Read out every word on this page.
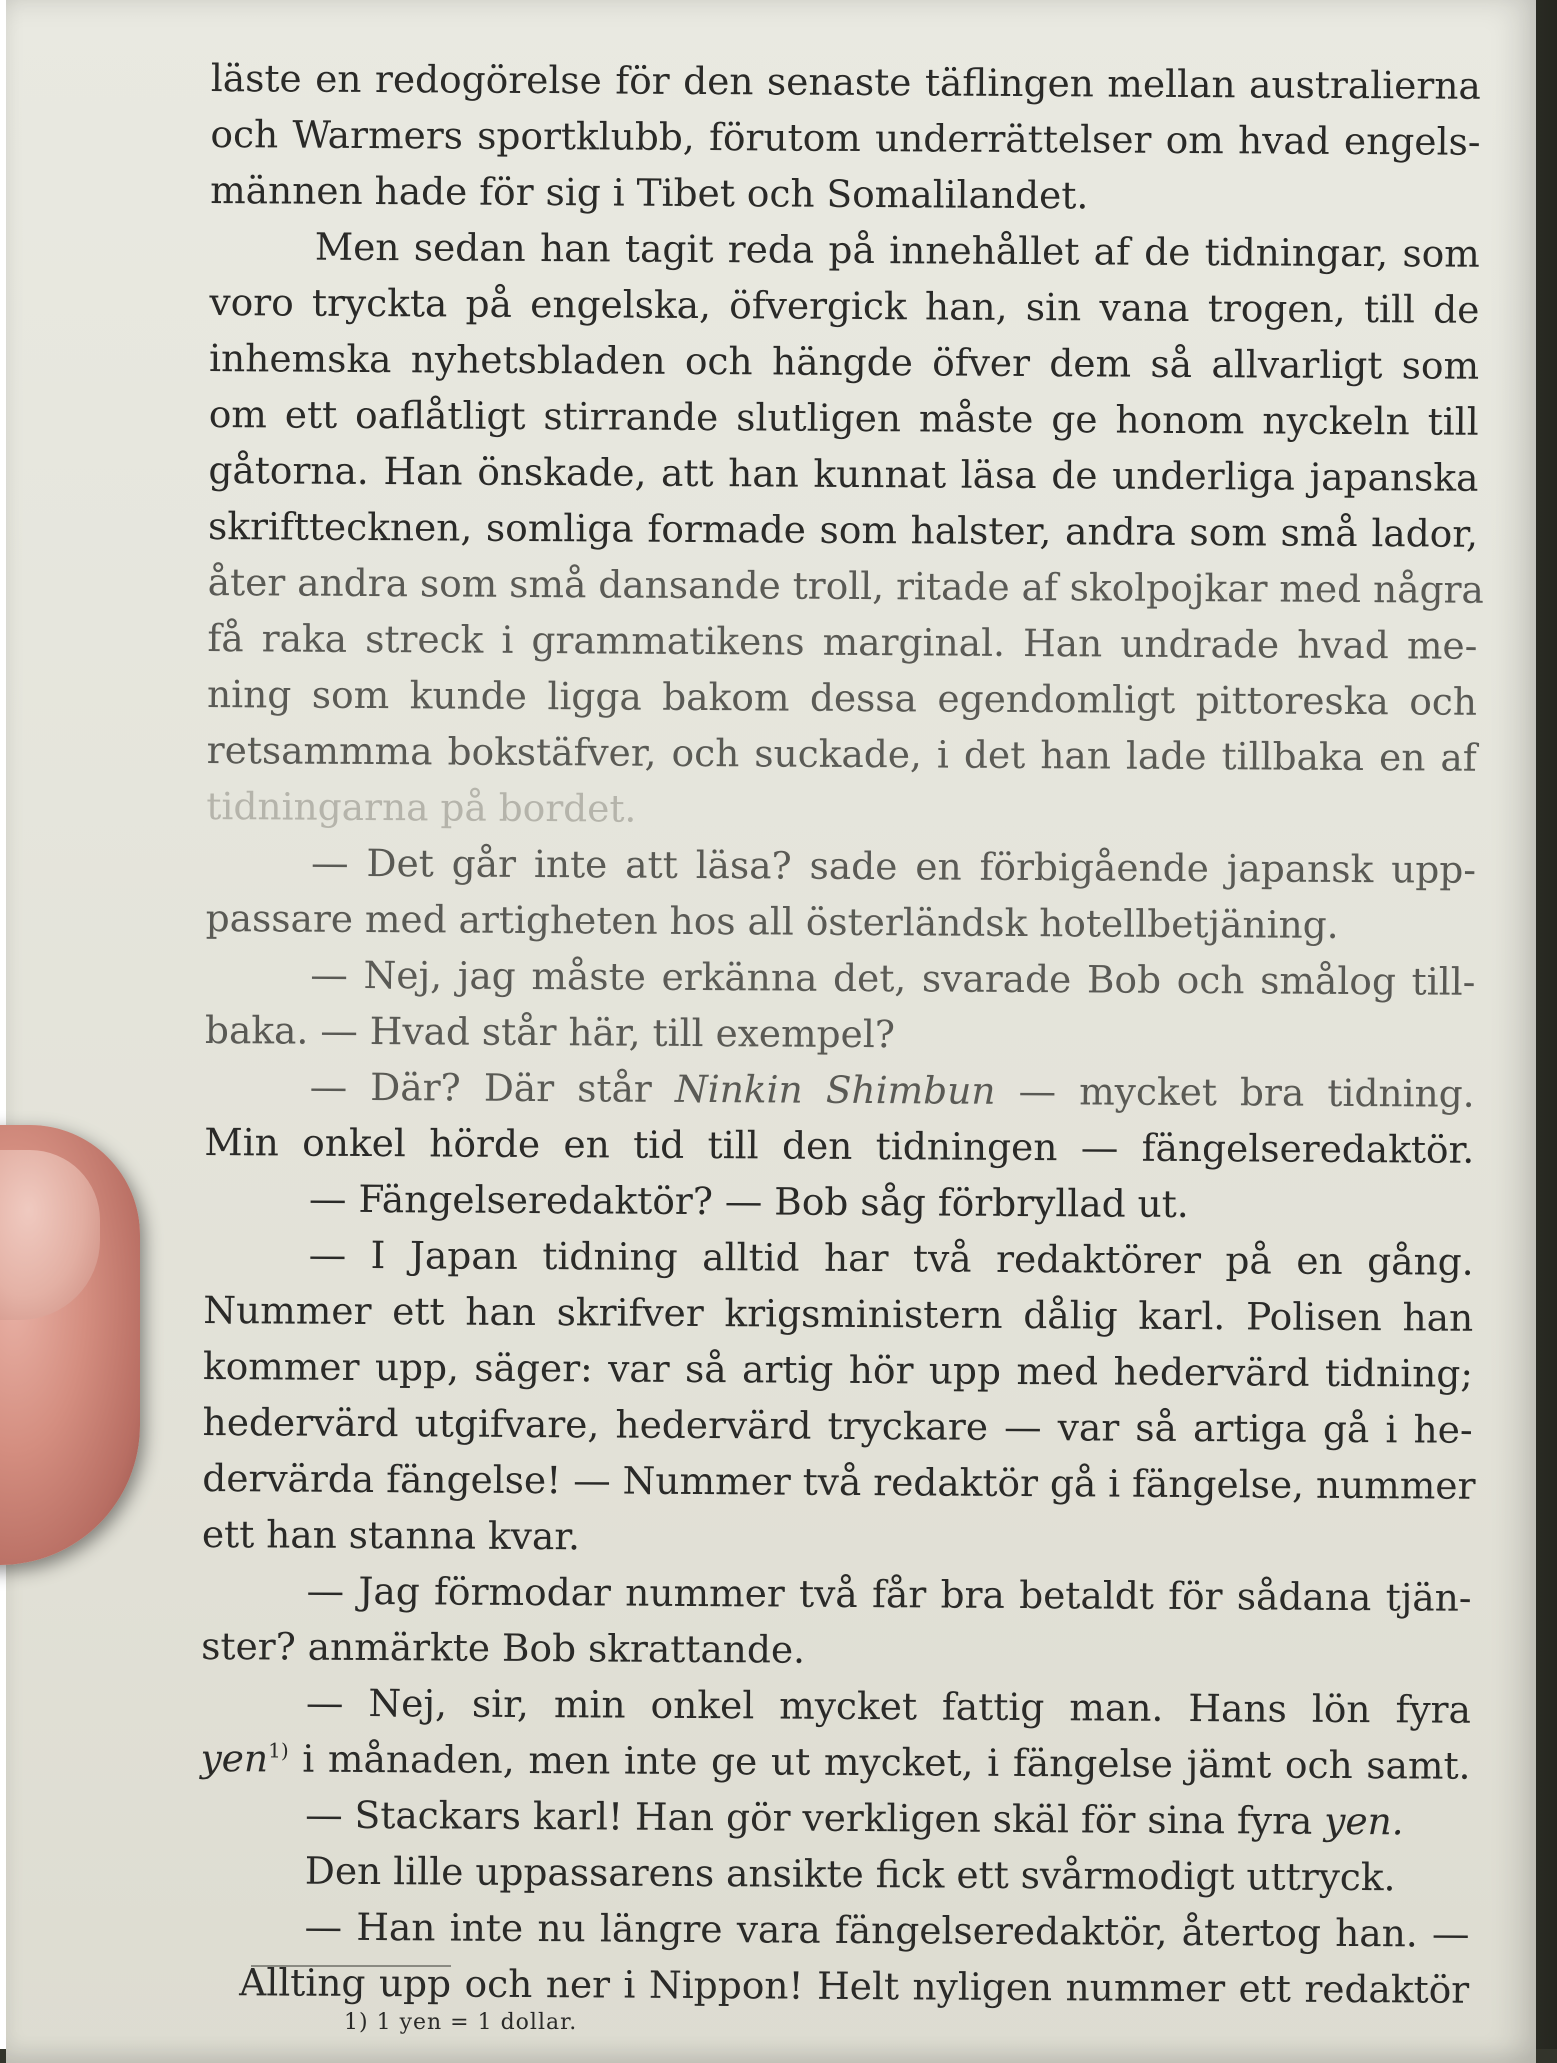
läste en redogörelse för den senaste täflingen mellan australierna
och Warmers sportklubb, förutom underrättelser om hvad engels-
männen hade för sig i Tibet och Somalilandet.
Men sedan han tagit reda på innehållet af de tidningar, som
voro tryckta på engelska, öfvergick han, sin vana trogen, till de
inhemska nyhetsbladen och hängde öfver dem så allvarligt som
om ett oaflåtligt stirrande slutligen måste ge honom nyckeln till
gåtorna. Han önskade, att han kunnat läsa de underliga japanska
skrifttecknen, somliga formade som halster, andra som små lador,
åter andra som små dansande troll, ritade af skolpojkar med några
få raka streck i grammatikens marginal. Han undrade hvad me-
ning som kunde ligga bakom dessa egendomligt pittoreska och
retsammma bokstäfver, och suckade, i det han lade tillbaka en af
tidningarna på bordet.
— Det går inte att läsa? sade en förbigående japansk upp-
passare med artigheten hos all österländsk hotellbetjäning.
— Nej, jag måste erkänna det, svarade Bob och smålog till-
baka. — Hvad står här, till exempel?
— Där? Där står Ninkin Shimbun — mycket bra tidning.
Min onkel hörde en tid till den tidningen — fängelseredaktör.
— Fängelseredaktör? — Bob såg förbryllad ut.
— I Japan tidning alltid har två redaktörer på en gång.
Nummer ett han skrifver krigsministern dålig karl. Polisen han
kommer upp, säger: var så artig hör upp med hedervärd tidning;
hedervärd utgifvare, hedervärd tryckare — var så artiga gå i he-
dervärda fängelse! — Nummer två redaktör gå i fängelse, nummer
ett han stanna kvar.
— Jag förmodar nummer två får bra betaldt för sådana tjän-
ster? anmärkte Bob skrattande.
— Nej, sir, min onkel mycket fattig man. Hans lön fyra
yen$^{1)}$ i månaden, men inte ge ut mycket, i fängelse jämt och samt.
— Stackars karl! Han gör verkligen skäl för sina fyra yen.
Den lille uppassarens ansikte fick ett svårmodigt uttryck.
— Han inte nu längre vara fängelseredaktör, återtog han. —
Allting upp och ner i Nippon! Helt nyligen nummer ett redaktör
1) 1 yen = 1 dollar.
